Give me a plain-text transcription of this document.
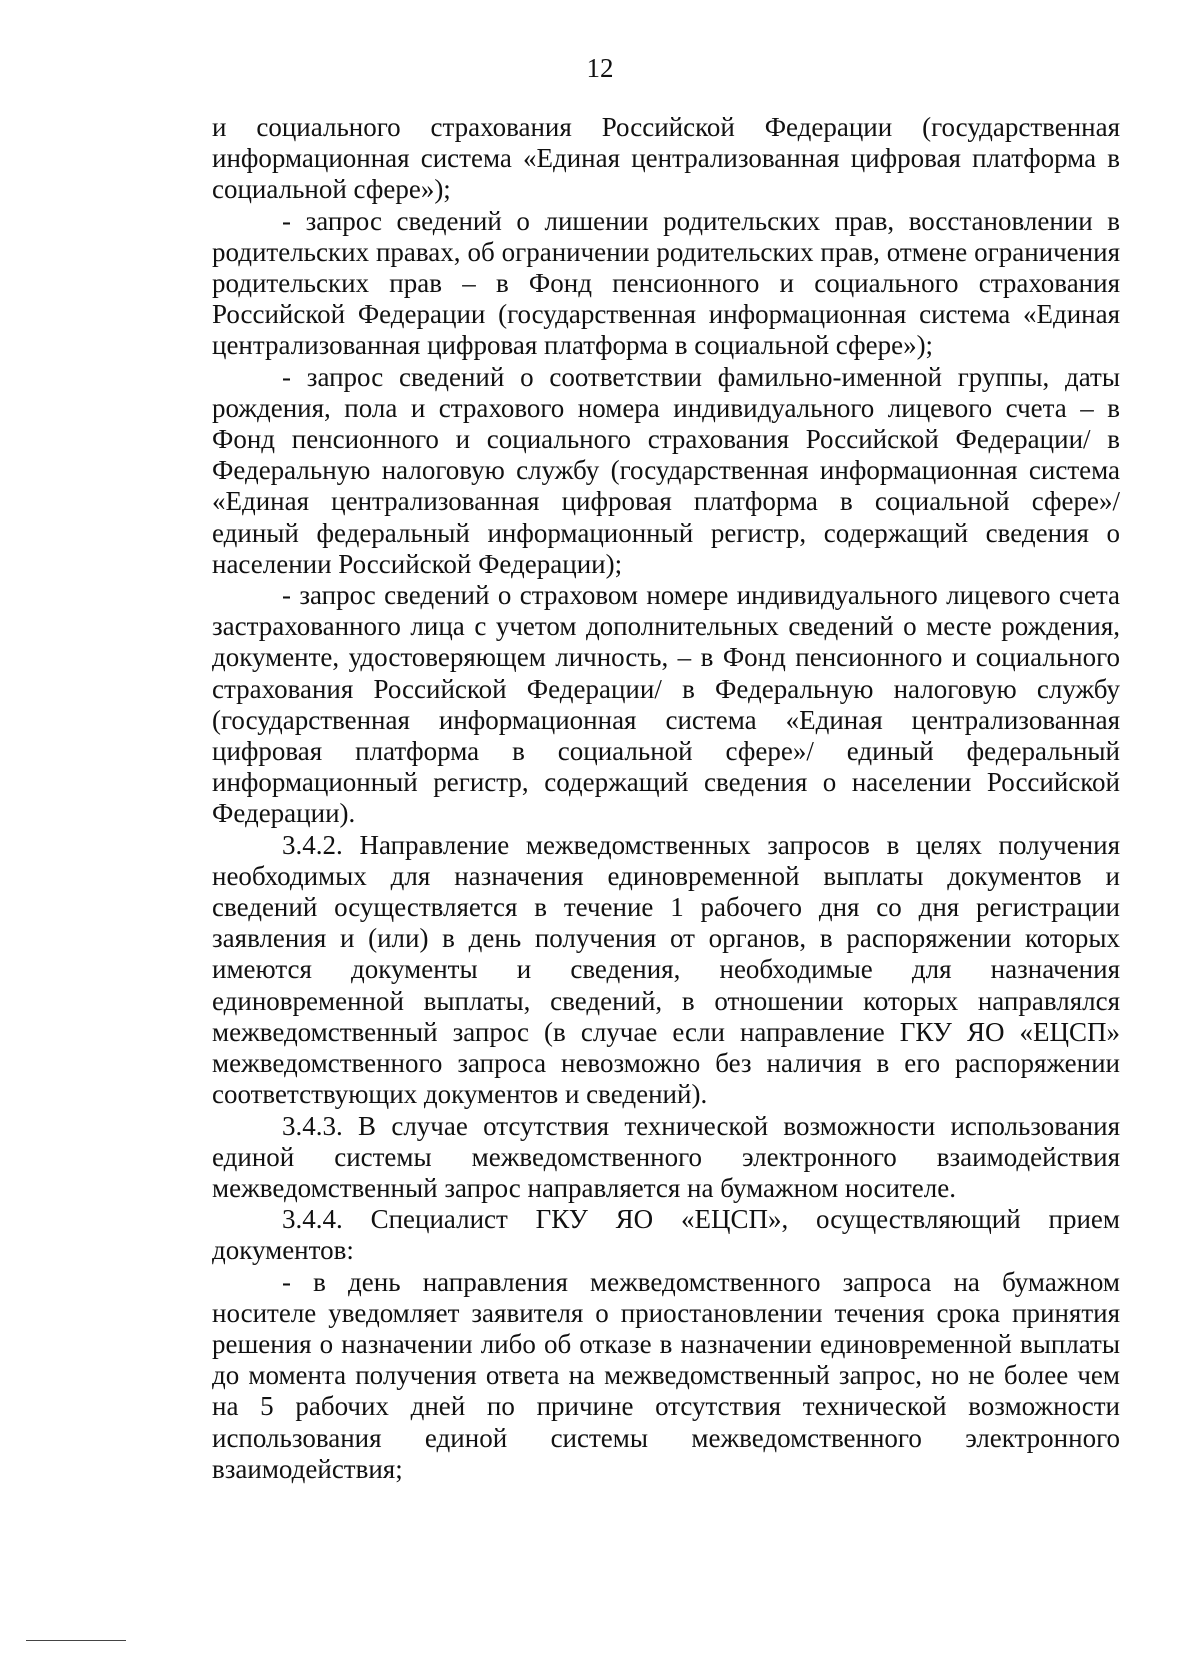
12

и социального страхования Российской Федерации (государственная информационная система «Единая централизованная цифровая платформа в социальной сфере»);

- запрос сведений о лишении родительских прав, восстановлении в родительских правах, об ограничении родительских прав, отмене ограничения родительских прав – в Фонд пенсионного и социального страхования Российской Федерации (государственная информационная система «Единая централизованная цифровая платформа в социальной сфере»);

- запрос сведений о соответствии фамильно-именной группы, даты рождения, пола и страхового номера индивидуального лицевого счета – в Фонд пенсионного и социального страхования Российской Федерации/ в Федеральную налоговую службу (государственная информационная система «Единая централизованная цифровая платформа в социальной сфере»/ единый федеральный информационный регистр, содержащий сведения о населении Российской Федерации);

- запрос сведений о страховом номере индивидуального лицевого счета застрахованного лица с учетом дополнительных сведений о месте рождения, документе, удостоверяющем личность, – в Фонд пенсионного и социального страхования Российской Федерации/ в Федеральную налоговую службу (государственная информационная система «Единая централизованная цифровая платформа в социальной сфере»/ единый федеральный информационный регистр, содержащий сведения о населении Российской Федерации).

3.4.2. Направление межведомственных запросов в целях получения необходимых для назначения единовременной выплаты документов и сведений осуществляется в течение 1 рабочего дня со дня регистрации заявления и (или) в день получения от органов, в распоряжении которых имеются документы и сведения, необходимые для назначения единовременной выплаты, сведений, в отношении которых направлялся межведомственный запрос (в случае если направление ГКУ ЯО «ЕЦСП» межведомственного запроса невозможно без наличия в его распоряжении соответствующих документов и сведений).

3.4.3. В случае отсутствия технической возможности использования единой системы межведомственного электронного взаимодействия межведомственный запрос направляется на бумажном носителе.

3.4.4. Специалист ГКУ ЯО «ЕЦСП», осуществляющий прием документов:

- в день направления межведомственного запроса на бумажном носителе уведомляет заявителя о приостановлении течения срока принятия решения о назначении либо об отказе в назначении единовременной выплаты до момента получения ответа на межведомственный запрос, но не более чем на 5 рабочих дней по причине отсутствия технической возможности использования единой системы межведомственного электронного взаимодействия;
